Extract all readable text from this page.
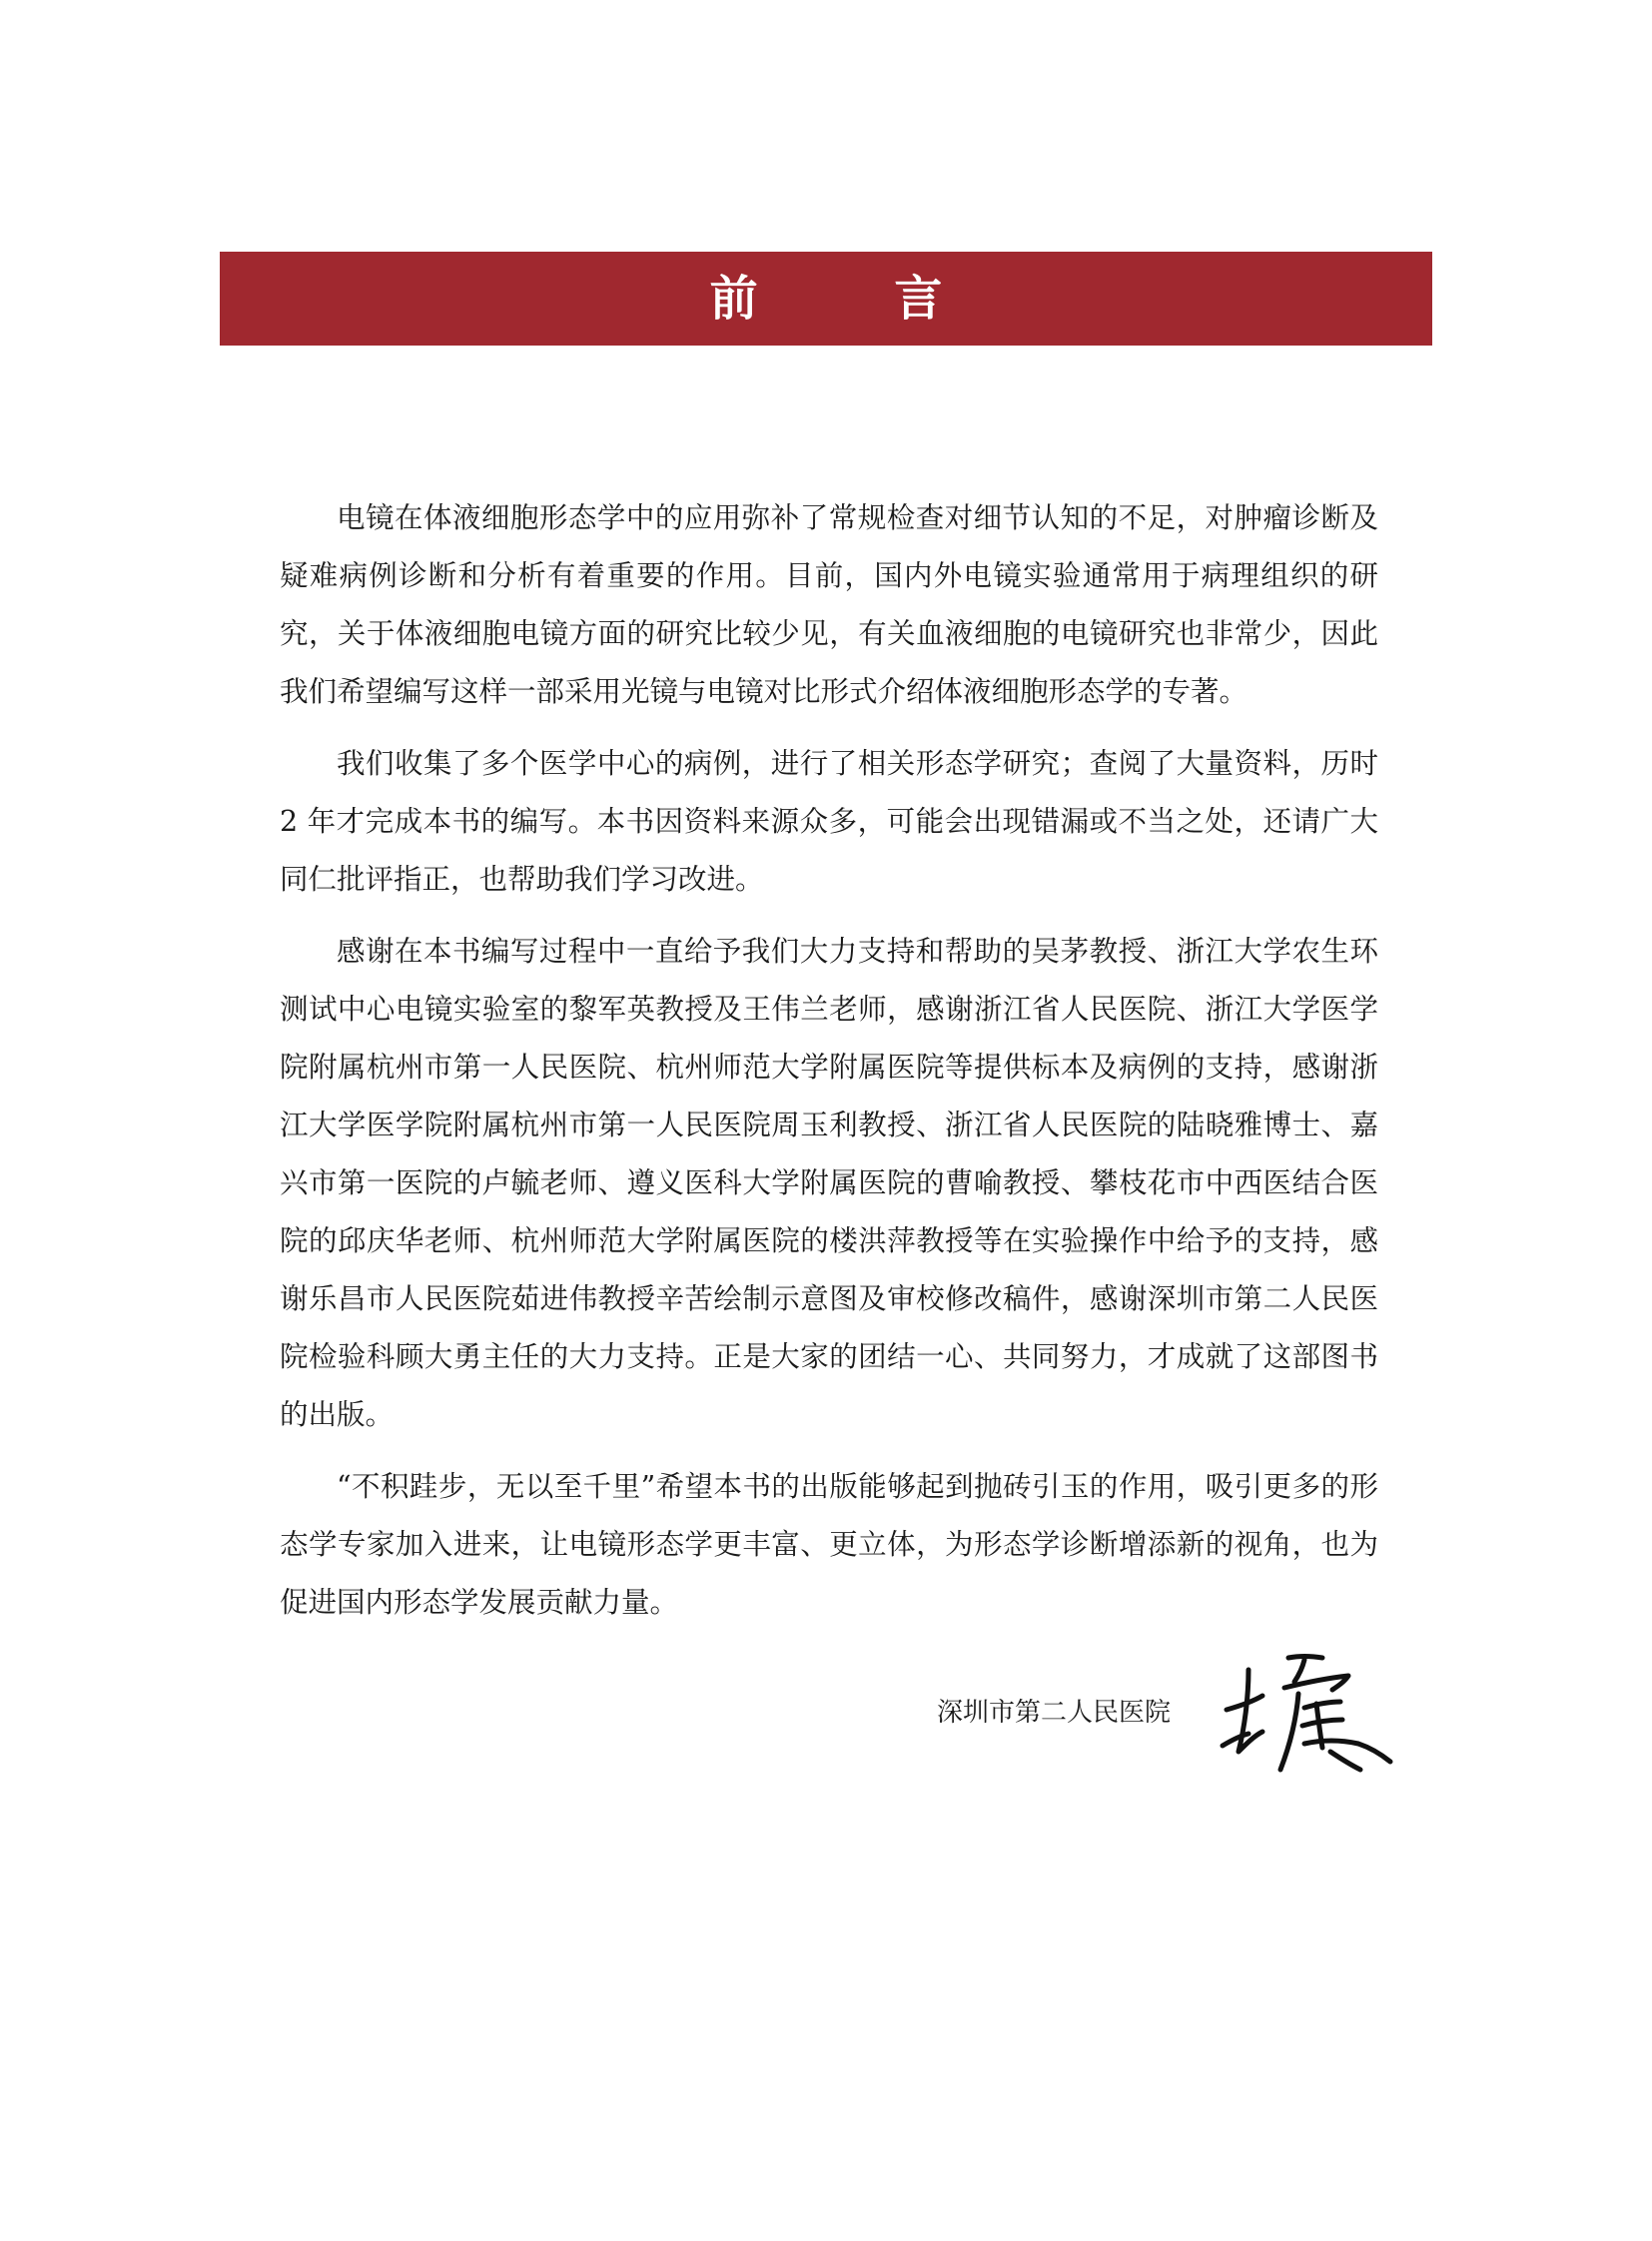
前 言

电镜在体液细胞形态学中的应用弥补了常规检查对细节认知的不足，对肿瘤诊断及疑难病例诊断和分析有着重要的作用。目前，国内外电镜实验通常用于病理组织的研究，关于体液细胞电镜方面的研究比较少见，有关血液细胞的电镜研究也非常少，因此我们希望编写这样一部采用光镜与电镜对比形式介绍体液细胞形态学的专著。

我们收集了多个医学中心的病例，进行了相关形态学研究；查阅了大量资料，历时 2 年才完成本书的编写。本书因资料来源众多，可能会出现错漏或不当之处，还请广大同仁批评指正，也帮助我们学习改进。

感谢在本书编写过程中一直给予我们大力支持和帮助的吴茅教授、浙江大学农生环测试中心电镜实验室的黎军英教授及王伟兰老师，感谢浙江省人民医院、浙江大学医学院附属杭州市第一人民医院、杭州师范大学附属医院等提供标本及病例的支持，感谢浙江大学医学院附属杭州市第一人民医院周玉利教授、浙江省人民医院的陆晓雅博士、嘉兴市第一医院的卢毓老师、遵义医科大学附属医院的曹喻教授、攀枝花市中西医结合医院的邱庆华老师、杭州师范大学附属医院的楼洪萍教授等在实验操作中给予的支持，感谢乐昌市人民医院茹进伟教授辛苦绘制示意图及审校修改稿件，感谢深圳市第二人民医院检验科顾大勇主任的大力支持。正是大家的团结一心、共同努力，才成就了这部图书的出版。

“不积跬步，无以至千里”希望本书的出版能够起到抛砖引玉的作用，吸引更多的形态学专家加入进来，让电镜形态学更丰富、更立体，为形态学诊断增添新的视角，也为促进国内形态学发展贡献力量。

深圳市第二人民医院
